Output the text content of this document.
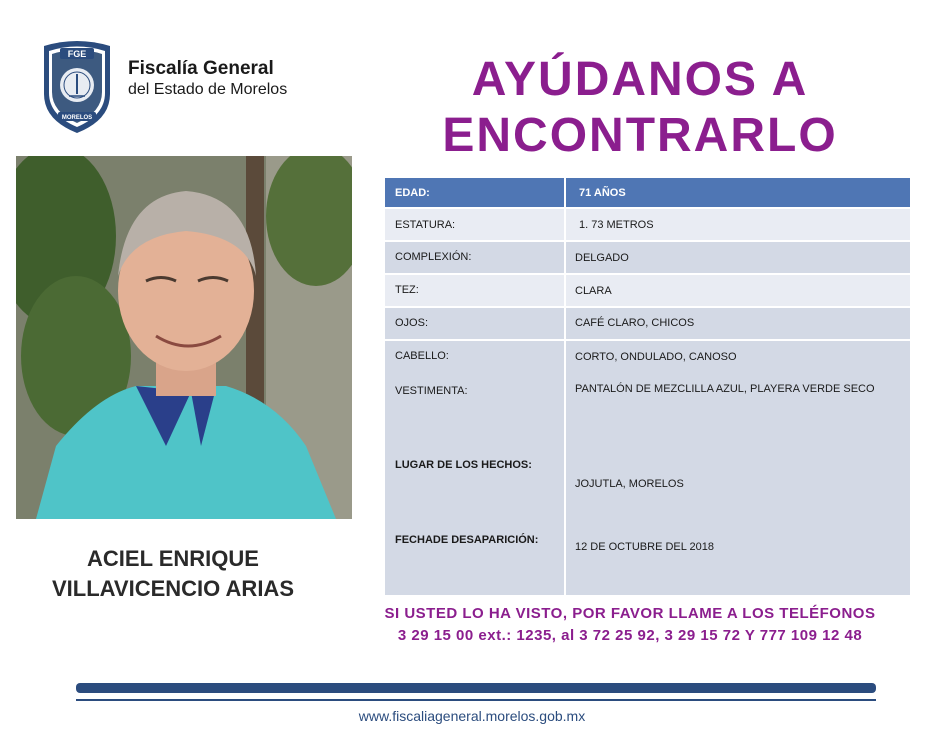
FGE
MORELOS
Fiscalía General
del Estado de Morelos	AYÚDANOS A
ENCONTRARLO
ACIEL ENRIQUE
VILLAVICENCIO ARIAS
EDAD:	71 AÑOS
ESTATURA:	1. 73 METROS
COMPLEXIÓN:	DELGADO
TEZ:	CLARA
OJOS:	CAFÉ CLARO, CHICOS
CABELLO:	CORTO, ONDULADO, CANOSO
VESTIMENTA:	PANTALÓN DE MEZCLILLA AZUL, PLAYERA VERDE SECO
LUGAR DE LOS HECHOS:
JOJUTLA, MORELOS
FECHADE DESAPARICIÓN:
12 DE OCTUBRE DEL 2018
SI USTED LO HA VISTO, POR FAVOR LLAME A LOS TELÉFONOS
3 29 15 00 ext.: 1235, al 3 72 25 92, 3 29 15 72 Y 777 109 12 48
www.fiscaliageneral.morelos.gob.mx
